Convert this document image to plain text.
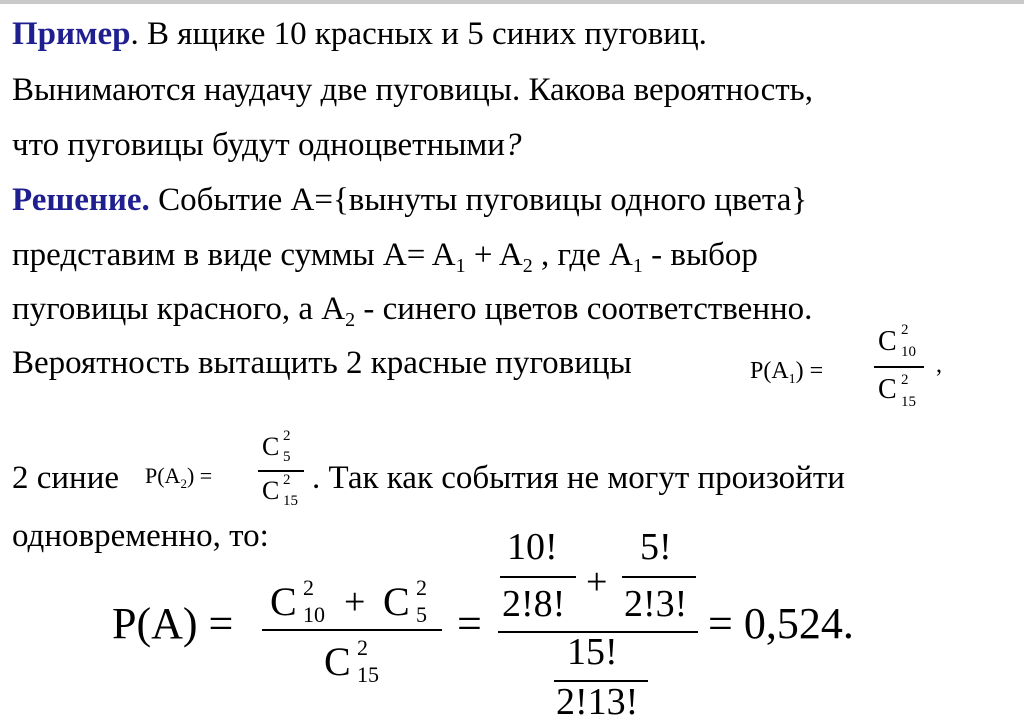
Пример. В ящике 10 красных и 5 синих пуговиц.
Вынимаются наудачу две пуговицы. Какова вероятность,
что пуговицы будут одноцветными?
Решение. Событие A={вынуты пуговицы одного цвета}
представим в виде суммы $A= A_1 + A_2$ , где $A_1$ - выбор
пуговицы красного, а $A_2$ - синего цветов соответственно.
Вероятность вытащить 2 красные пуговицы	$P(A_1)$ =
C 2
10
C 2
15
,
2 синие $P(A_2)$ =
C 2
5
C 2
15
. Так как события не могут произойти
одновременно, то:
P(A) = C 2
10 + C 2
5
C 2
15
=
10!
2!8!
+
5!
2!3!
15!
2!13!
= 0,524.
